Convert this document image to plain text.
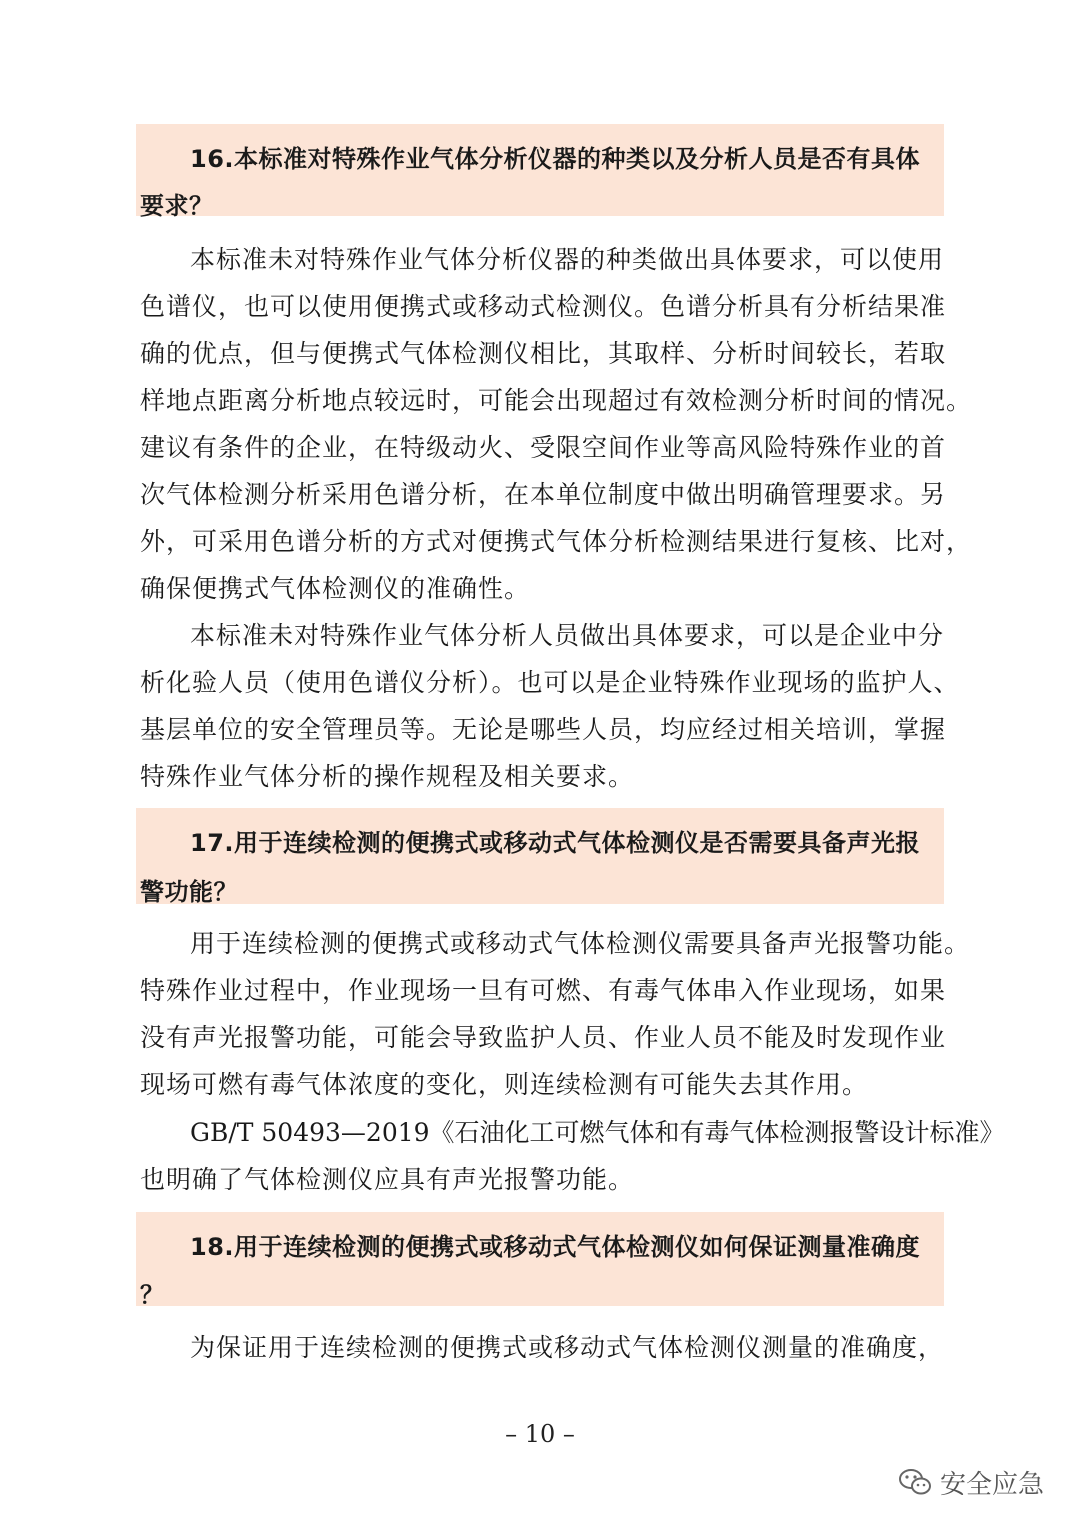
16.本标准对特殊作业气体分析仪器的种类以及分析人员是否有具体

要求？

本标准未对特殊作业气体分析仪器的种类做出具体要求，可以使用

色谱仪，也可以使用便携式或移动式检测仪。色谱分析具有分析结果准

确的优点，但与便携式气体检测仪相比，其取样、分析时间较长，若取

样地点距离分析地点较远时，可能会出现超过有效检测分析时间的情况。

建议有条件的企业，在特级动火、受限空间作业等高风险特殊作业的首

次气体检测分析采用色谱分析，在本单位制度中做出明确管理要求。另

外，可采用色谱分析的方式对便携式气体分析检测结果进行复核、比对，

确保便携式气体检测仪的准确性。

本标准未对特殊作业气体分析人员做出具体要求，可以是企业中分

析化验人员（使用色谱仪分析）。也可以是企业特殊作业现场的监护人、

基层单位的安全管理员等。无论是哪些人员，均应经过相关培训，掌握

特殊作业气体分析的操作规程及相关要求。

17.用于连续检测的便携式或移动式气体检测仪是否需要具备声光报

警功能？

用于连续检测的便携式或移动式气体检测仪需要具备声光报警功能。

特殊作业过程中，作业现场一旦有可燃、有毒气体串入作业现场，如果

没有声光报警功能，可能会导致监护人员、作业人员不能及时发现作业

现场可燃有毒气体浓度的变化，则连续检测有可能失去其作用。

GB/T 50493—2019《石油化工可燃气体和有毒气体检测报警设计标准》

也明确了气体检测仪应具有声光报警功能。

18.用于连续检测的便携式或移动式气体检测仪如何保证测量准确度

？

为保证用于连续检测的便携式或移动式气体检测仪测量的准确度，

– 10 –
安全应急
